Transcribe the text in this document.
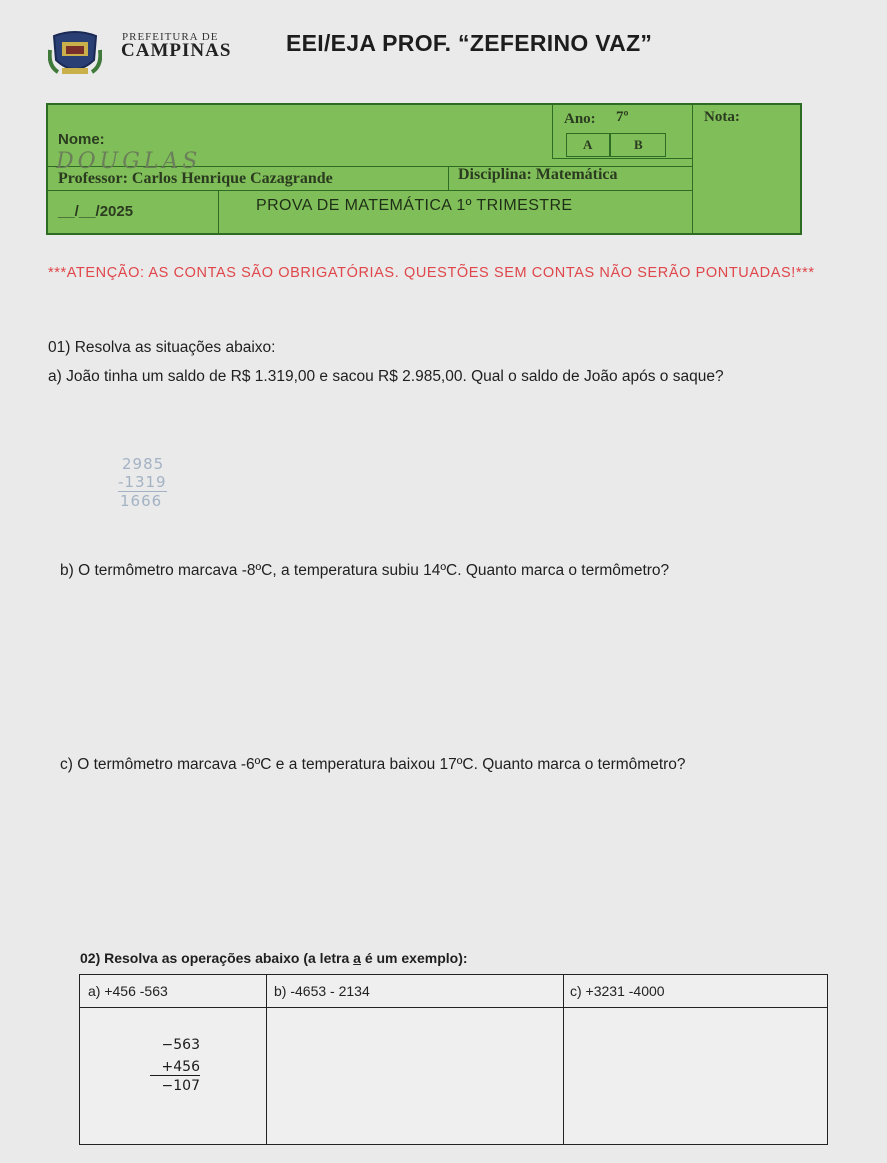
PREFEITURA DE
CAMPINAS EEI/EJA PROF. “ZEFERINO VAZ”
Nome:
DOUGLAS
Ano: 7º
A	B
Nota:
Professor: Carlos Henrique Cazagrande	Disciplina: Matemática
__/__/2025	PROVA DE MATEMÁTICA 1º TRIMESTRE
***ATENÇÃO: AS CONTAS SÃO OBRIGATÓRIAS. QUESTÕES SEM CONTAS NÃO SERÃO PONTUADAS!***
01) Resolva as situações abaixo:
a) João tinha um saldo de R$ 1.319,00 e sacou R$ 2.985,00. Qual o saldo de João após o saque?
2985
-1319
1666
b) O termômetro marcava -8ºC, a temperatura subiu 14ºC. Quanto marca o termômetro?
c) O termômetro marcava -6ºC e a temperatura baixou 17ºC. Quanto marca o termômetro?
02) Resolva as operações abaixo (a letra a é um exemplo):
a) +456 -563	b) -4653 - 2134	c) +3231 -4000
−563
+456
−107
